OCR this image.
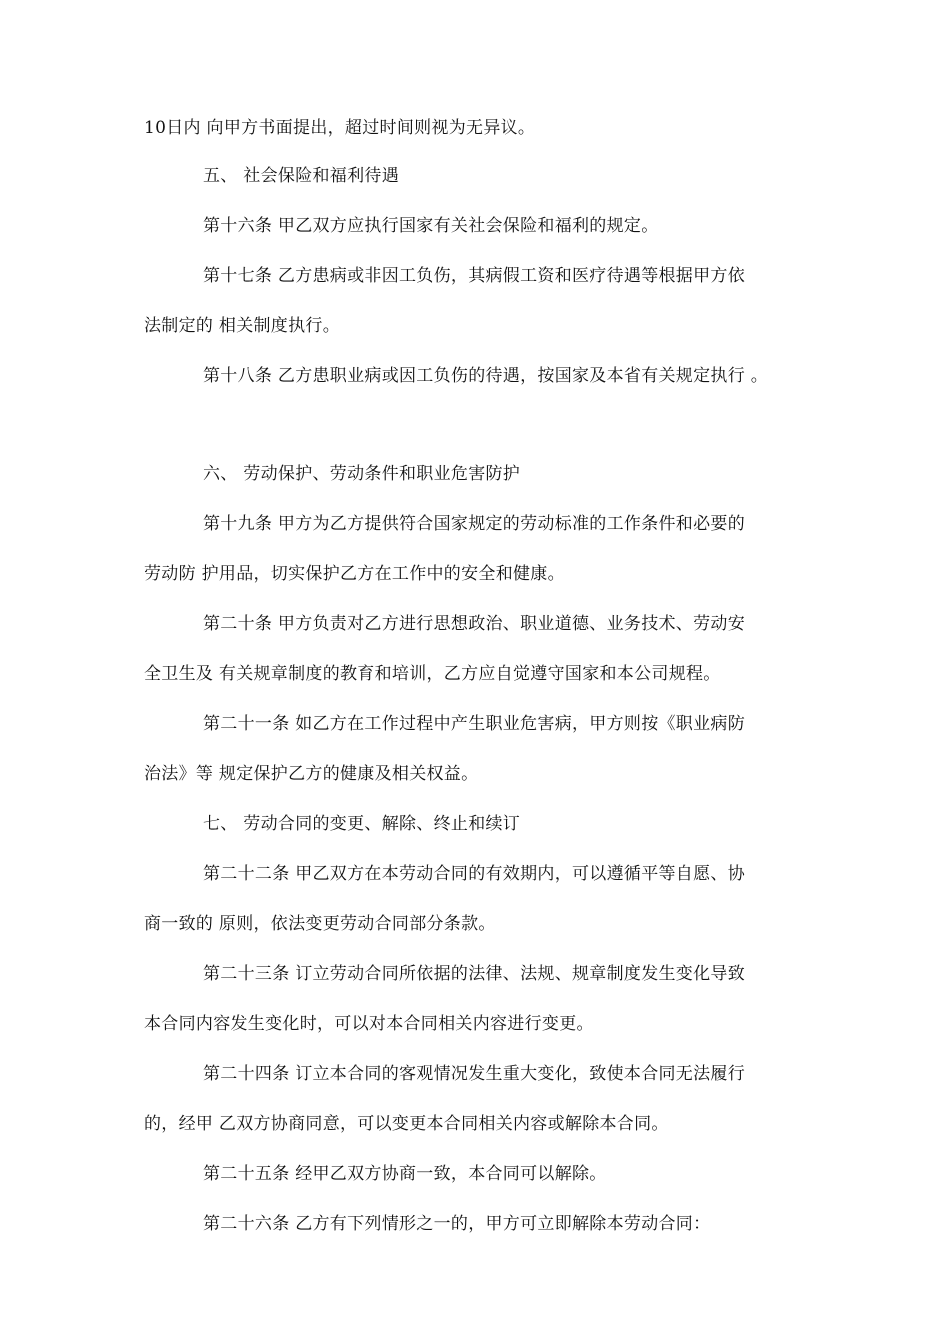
10日内 向甲方书面提出，超过时间则视为无异议。
五、 社会保险和福利待遇
第十六条 甲乙双方应执行国家有关社会保险和福利的规定。
第十七条 乙方患病或非因工负伤，其病假工资和医疗待遇等根据甲方依
法制定的 相关制度执行。
第十八条 乙方患职业病或因工负伤的待遇，按国家及本省有关规定执行 。
六、 劳动保护、劳动条件和职业危害防护
第十九条 甲方为乙方提供符合国家规定的劳动标准的工作条件和必要的
劳动防 护用品，切实保护乙方在工作中的安全和健康。
第二十条 甲方负责对乙方进行思想政治、职业道德、业务技术、劳动安
全卫生及 有关规章制度的教育和培训，乙方应自觉遵守国家和本公司规程。
第二十一条 如乙方在工作过程中产生职业危害病，甲方则按《职业病防
治法》等 规定保护乙方的健康及相关权益。
七、 劳动合同的变更、解除、终止和续订
第二十二条 甲乙双方在本劳动合同的有效期内，可以遵循平等自愿、协
商一致的 原则，依法变更劳动合同部分条款。
第二十三条 订立劳动合同所依据的法律、法规、规章制度发生变化导致
本合同内容发生变化时，可以对本合同相关内容进行变更。
第二十四条 订立本合同的客观情况发生重大变化，致使本合同无法履行
的，经甲 乙双方协商同意，可以变更本合同相关内容或解除本合同。
第二十五条 经甲乙双方协商一致，本合同可以解除。
第二十六条 乙方有下列情形之一的，甲方可立即解除本劳动合同：
